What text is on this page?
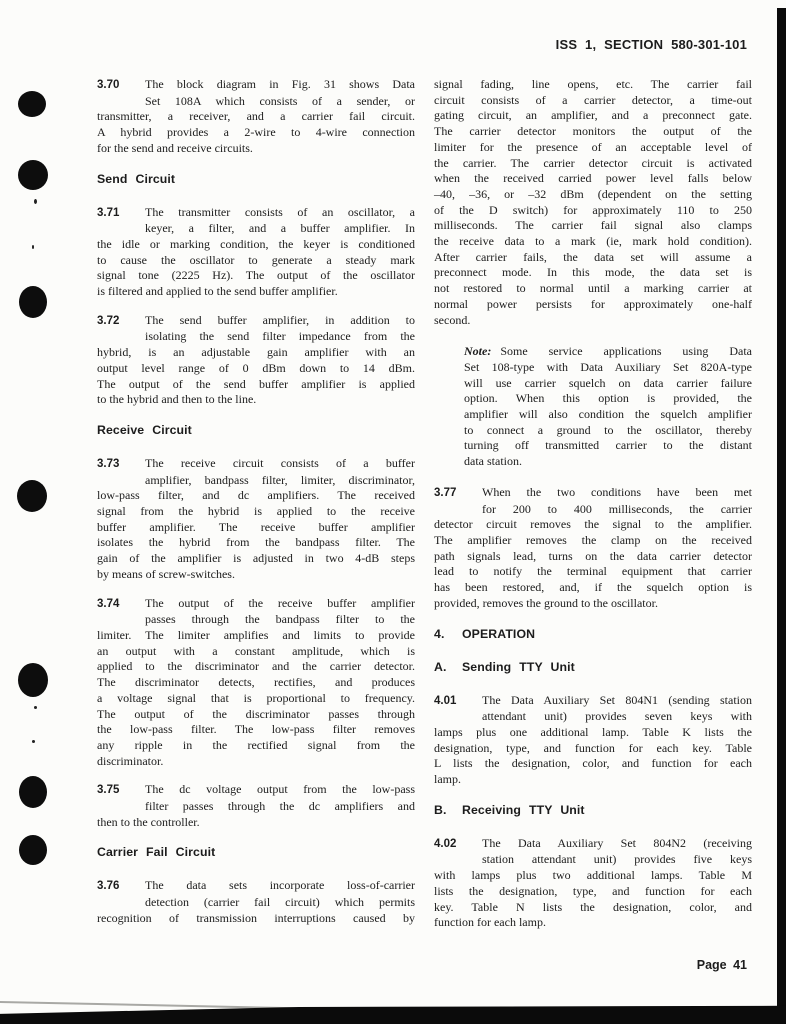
ISS 1, SECTION 580-301-101
3.70 The block diagram in Fig. 31 shows Data
Set 108A which consists of a sender, or
transmitter, a receiver, and a carrier fail circuit.
A hybrid provides a 2-wire to 4-wire connection
for the send and receive circuits.
Send Circuit
3.71 The transmitter consists of an oscillator, a
keyer, a filter, and a buffer amplifier. In
the idle or marking condition, the keyer is conditioned
to cause the oscillator to generate a steady mark
signal tone (2225 Hz). The output of the oscillator
is filtered and applied to the send buffer amplifier.
3.72 The send buffer amplifier, in addition to
isolating the send filter impedance from the
hybrid, is an adjustable gain amplifier with an
output level range of 0 dBm down to 14 dBm.
The output of the send buffer amplifier is applied
to the hybrid and then to the line.
Receive Circuit
3.73 The receive circuit consists of a buffer
amplifier, bandpass filter, limiter, discriminator,
low-pass filter, and dc amplifiers. The received
signal from the hybrid is applied to the receive
buffer amplifier. The receive buffer amplifier
isolates the hybrid from the bandpass filter. The
gain of the amplifier is adjusted in two 4-dB steps
by means of screw-switches.
3.74 The output of the receive buffer amplifier
passes through the bandpass filter to the
limiter. The limiter amplifies and limits to provide
an output with a constant amplitude, which is
applied to the discriminator and the carrier detector.
The discriminator detects, rectifies, and produces
a voltage signal that is proportional to frequency.
The output of the discriminator passes through
the low-pass filter. The low-pass filter removes
any ripple in the rectified signal from the
discriminator.
3.75 The dc voltage output from the low-pass
filter passes through the dc amplifiers and
then to the controller.
Carrier Fail Circuit
3.76 The data sets incorporate loss-of-carrier
detection (carrier fail circuit) which permits
recognition of transmission interruptions caused by
signal fading, line opens, etc. The carrier fail
circuit consists of a carrier detector, a time-out
gating circuit, an amplifier, and a preconnect gate.
The carrier detector monitors the output of the
limiter for the presence of an acceptable level of
the carrier. The carrier detector circuit is activated
when the received carried power level falls below
–40, –36, or –32 dBm (dependent on the setting
of the D switch) for approximately 110 to 250
milliseconds. The carrier fail signal also clamps
the receive data to a mark (ie, mark hold condition).
After carrier fails, the data set will assume a
preconnect mode. In this mode, the data set is
not restored to normal until a marking carrier at
normal power persists for approximately one-half
second.
Note: Some service applications using Data
Set 108-type with Data Auxiliary Set 820A-type
will use carrier squelch on data carrier failure
option. When this option is provided, the
amplifier will also condition the squelch amplifier
to connect a ground to the oscillator, thereby
turning off transmitted carrier to the distant
data station.
3.77 When the two conditions have been met
for 200 to 400 milliseconds, the carrier
detector circuit removes the signal to the amplifier.
The amplifier removes the clamp on the received
path signals lead, turns on the data carrier detector
lead to notify the terminal equipment that carrier
has been restored, and, if the squelch option is
provided, removes the ground to the oscillator.
4. OPERATION
A. Sending TTY Unit
4.01 The Data Auxiliary Set 804N1 (sending station
attendant unit) provides seven keys with
lamps plus one additional lamp. Table K lists the
designation, type, and function for each key. Table
L lists the designation, color, and function for each
lamp.
B. Receiving TTY Unit
4.02 The Data Auxiliary Set 804N2 (receiving
station attendant unit) provides five keys
with lamps plus two additional lamps. Table M
lists the designation, type, and function for each
key. Table N lists the designation, color, and
function for each lamp.
Page 41
